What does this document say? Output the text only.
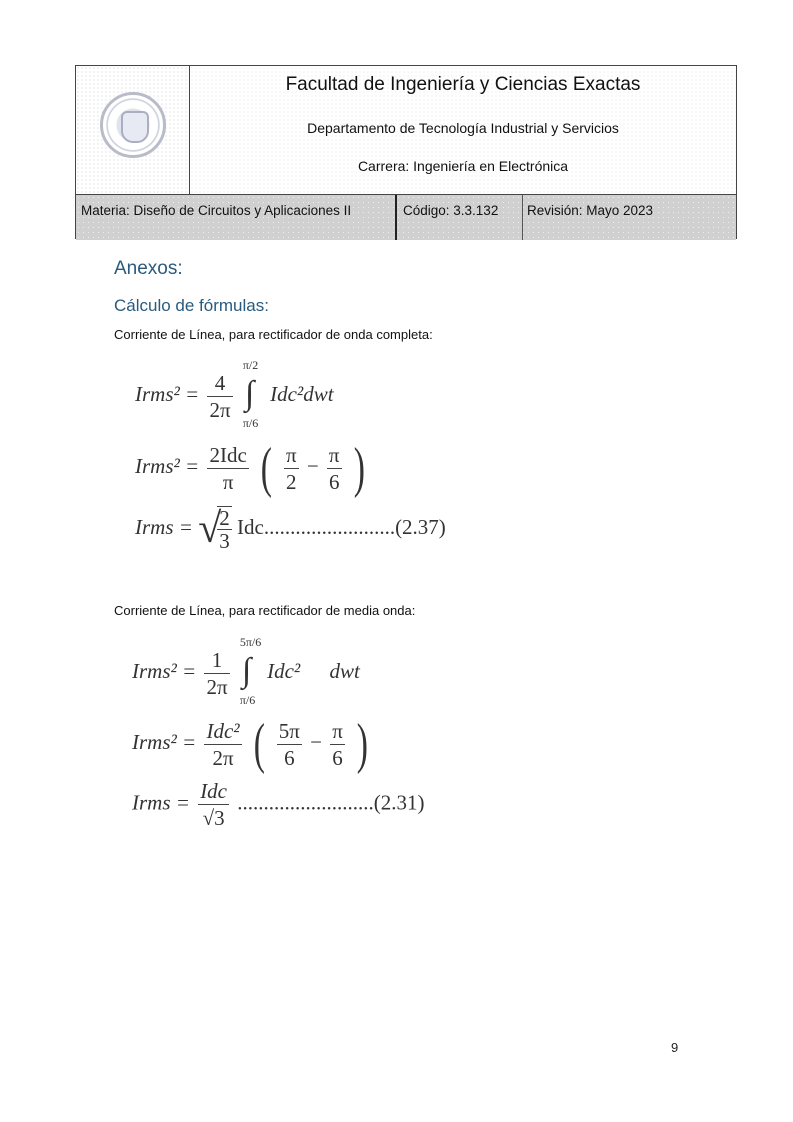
Facultad de Ingeniería y Ciencias Exactas
Departamento de Tecnología Industrial y Servicios
Carrera: Ingeniería en Electrónica
Materia: Diseño de Circuitos y Aplicaciones II	Código: 3.3.132	Revisión: Mayo 2023
Anexos:
Cálculo de fórmulas:
Corriente de Línea, para rectificador de onda completa:
Irms² = $\frac{4}{2\pi}$

π/2
∫
π/6
Idc²dwt
Irms² = $\frac{\text{2Idc}}{\pi}$ ( $\frac{\pi}{2} - \frac{\pi}{6}$ )
Irms = √
$\frac{2}{3} Idc.........................(2.37)$
Corriente de Línea, para rectificador de media onda:
Irms² = $\frac{1}{2\pi}$

5π/6
∫
π/6
Idc² dwt
Irms² = $\frac{\text{Idc²}}{2\pi}$ ( $\frac{5\pi}{6} - \frac{\pi}{6}$ )
Irms = $\frac{\text{Idc}}{√3} ..........................(2.31)$
9
